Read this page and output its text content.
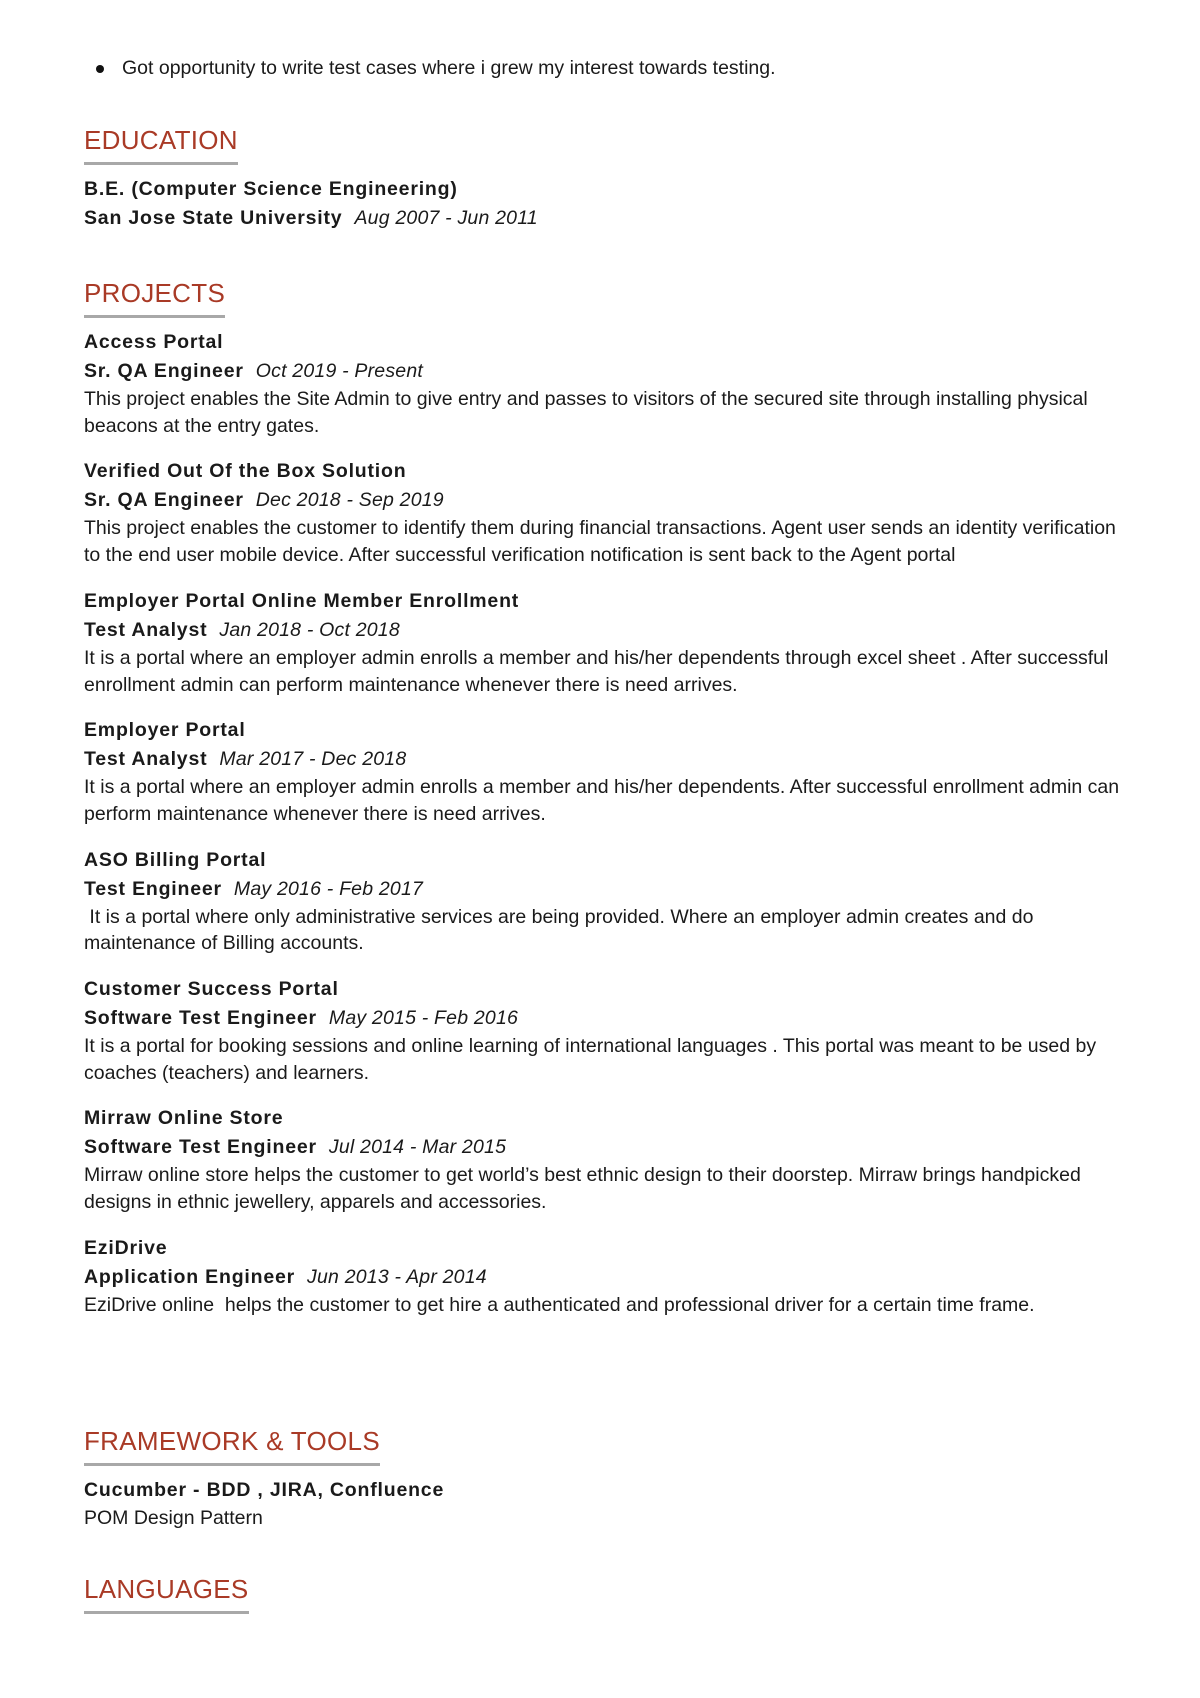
Got opportunity to write test cases where i grew my interest towards testing.
EDUCATION
B.E. (Computer Science Engineering)
San Jose State University Aug 2007 - Jun 2011
PROJECTS
Access Portal
Sr. QA Engineer Oct 2019 - Present
This project enables the Site Admin to give entry and passes to visitors of the secured site through installing physical beacons at the entry gates.
Verified Out Of the Box Solution
Sr. QA Engineer Dec 2018 - Sep 2019
This project enables the customer to identify them during financial transactions. Agent user sends an identity verification to the end user mobile device. After successful verification notification is sent back to the Agent portal
Employer Portal Online Member Enrollment
Test Analyst Jan 2018 - Oct 2018
It is a portal where an employer admin enrolls a member and his/her dependents through excel sheet . After successful enrollment admin can perform maintenance whenever there is need arrives.
Employer Portal
Test Analyst Mar 2017 - Dec 2018
It is a portal where an employer admin enrolls a member and his/her dependents. After successful enrollment admin can perform maintenance whenever there is need arrives.
ASO Billing Portal
Test Engineer May 2016 - Feb 2017
It is a portal where only administrative services are being provided. Where an employer admin creates and do maintenance of Billing accounts.
Customer Success Portal
Software Test Engineer May 2015 - Feb 2016
It is a portal for booking sessions and online learning of international languages . This portal was meant to be used by coaches (teachers) and learners.
Mirraw Online Store
Software Test Engineer Jul 2014 - Mar 2015
Mirraw online store helps the customer to get world’s best ethnic design to their doorstep. Mirraw brings handpicked designs in ethnic jewellery, apparels and accessories.
EziDrive
Application Engineer Jun 2013 - Apr 2014
EziDrive online  helps the customer to get hire a authenticated and professional driver for a certain time frame.
FRAMEWORK & TOOLS
Cucumber - BDD , JIRA, Confluence
POM Design Pattern
LANGUAGES
